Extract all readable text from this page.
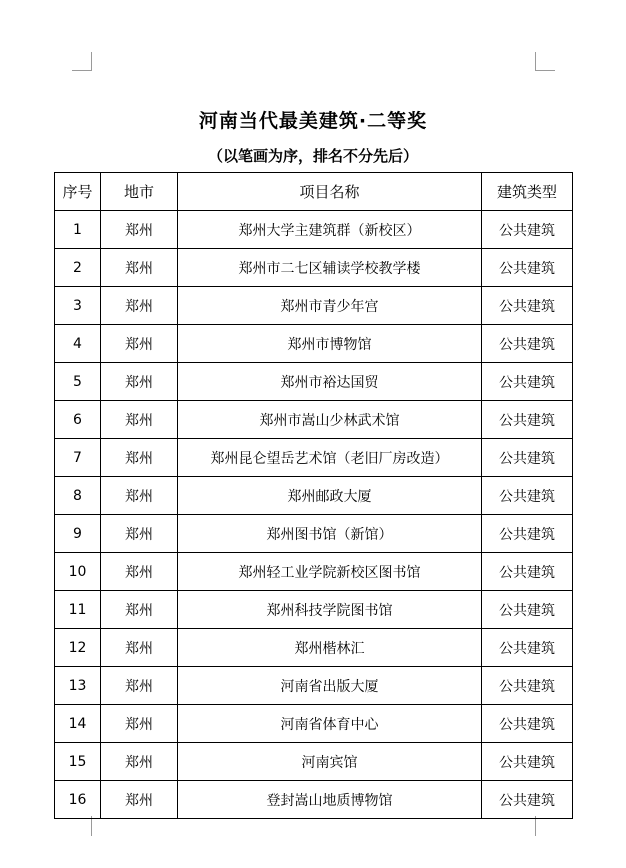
河南当代最美建筑·二等奖
（以笔画为序，排名不分先后）
序号	地市	项目名称	建筑类型
1	郑州	郑州大学主建筑群（新校区）	公共建筑
2	郑州	郑州市二七区辅读学校教学楼	公共建筑
3	郑州	郑州市青少年宫	公共建筑
4	郑州	郑州市博物馆	公共建筑
5	郑州	郑州市裕达国贸	公共建筑
6	郑州	郑州市嵩山少林武术馆	公共建筑
7	郑州	郑州昆仑望岳艺术馆（老旧厂房改造）	公共建筑
8	郑州	郑州邮政大厦	公共建筑
9	郑州	郑州图书馆（新馆）	公共建筑
10	郑州	郑州轻工业学院新校区图书馆	公共建筑
11	郑州	郑州科技学院图书馆	公共建筑
12	郑州	郑州楷林汇	公共建筑
13	郑州	河南省出版大厦	公共建筑
14	郑州	河南省体育中心	公共建筑
15	郑州	河南宾馆	公共建筑
16	郑州	登封嵩山地质博物馆	公共建筑
